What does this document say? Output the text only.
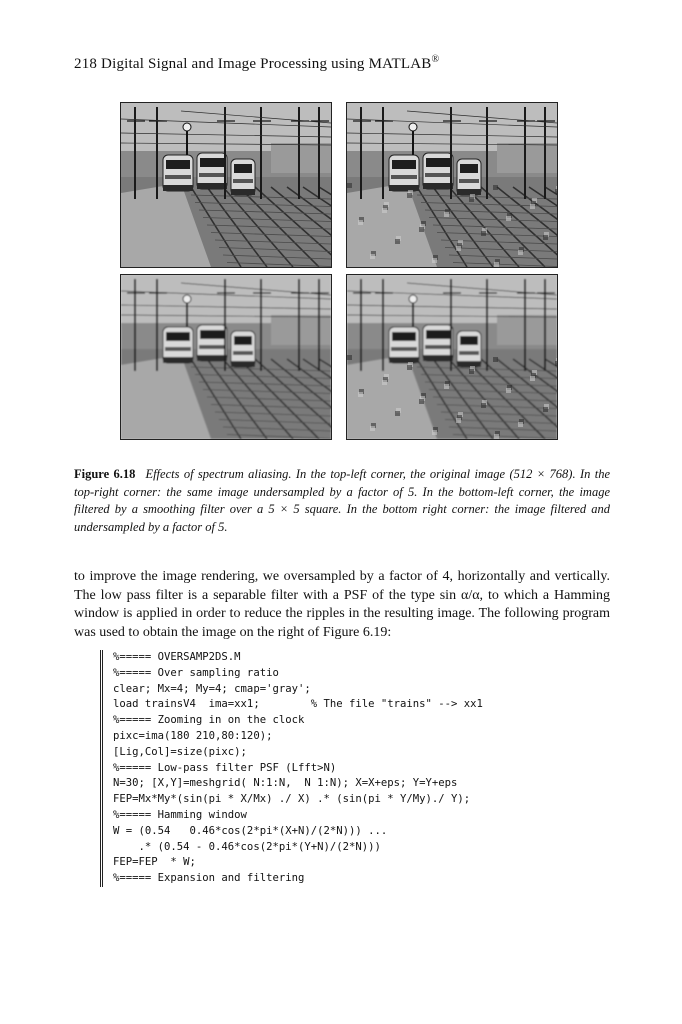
218 Digital Signal and Image Processing using MATLAB®
Figure 6.18 Effects of spectrum aliasing. In the top-left corner, the original image (512 × 768). In the top-right corner: the same image undersampled by a factor of 5. In the bottom-left corner, the image filtered by a smoothing filter over a 5 × 5 square. In the bottom right corner: the image filtered and undersampled by a factor of 5.
to improve the image rendering, we oversampled by a factor of 4, horizontally and vertically. The low pass filter is a separable filter with a PSF of the type sin α/α, to which a Hamming window is applied in order to reduce the ripples in the resulting image. The following program was used to obtain the image on the right of Figure 6.19:
%===== OVERSAMP2DS.M
%===== Over sampling ratio
clear; Mx=4; My=4; cmap='gray';
load trainsV4  ima=xx1;        % The file "trains" --> xx1
%===== Zooming in on the clock
pixc=ima(180 210,80:120);
[Lig,Col]=size(pixc);
%===== Low-pass filter PSF (Lfft>N)
N=30; [X,Y]=meshgrid( N:1:N,  N 1:N); X=X+eps; Y=Y+eps
FEP=Mx*My*(sin(pi * X/Mx) ./ X) .* (sin(pi * Y/My)./ Y);
%===== Hamming window
W = (0.54   0.46*cos(2*pi*(X+N)/(2*N))) ...
.* (0.54 - 0.46*cos(2*pi*(Y+N)/(2*N)))
FEP=FEP  * W;
%===== Expansion and filtering
